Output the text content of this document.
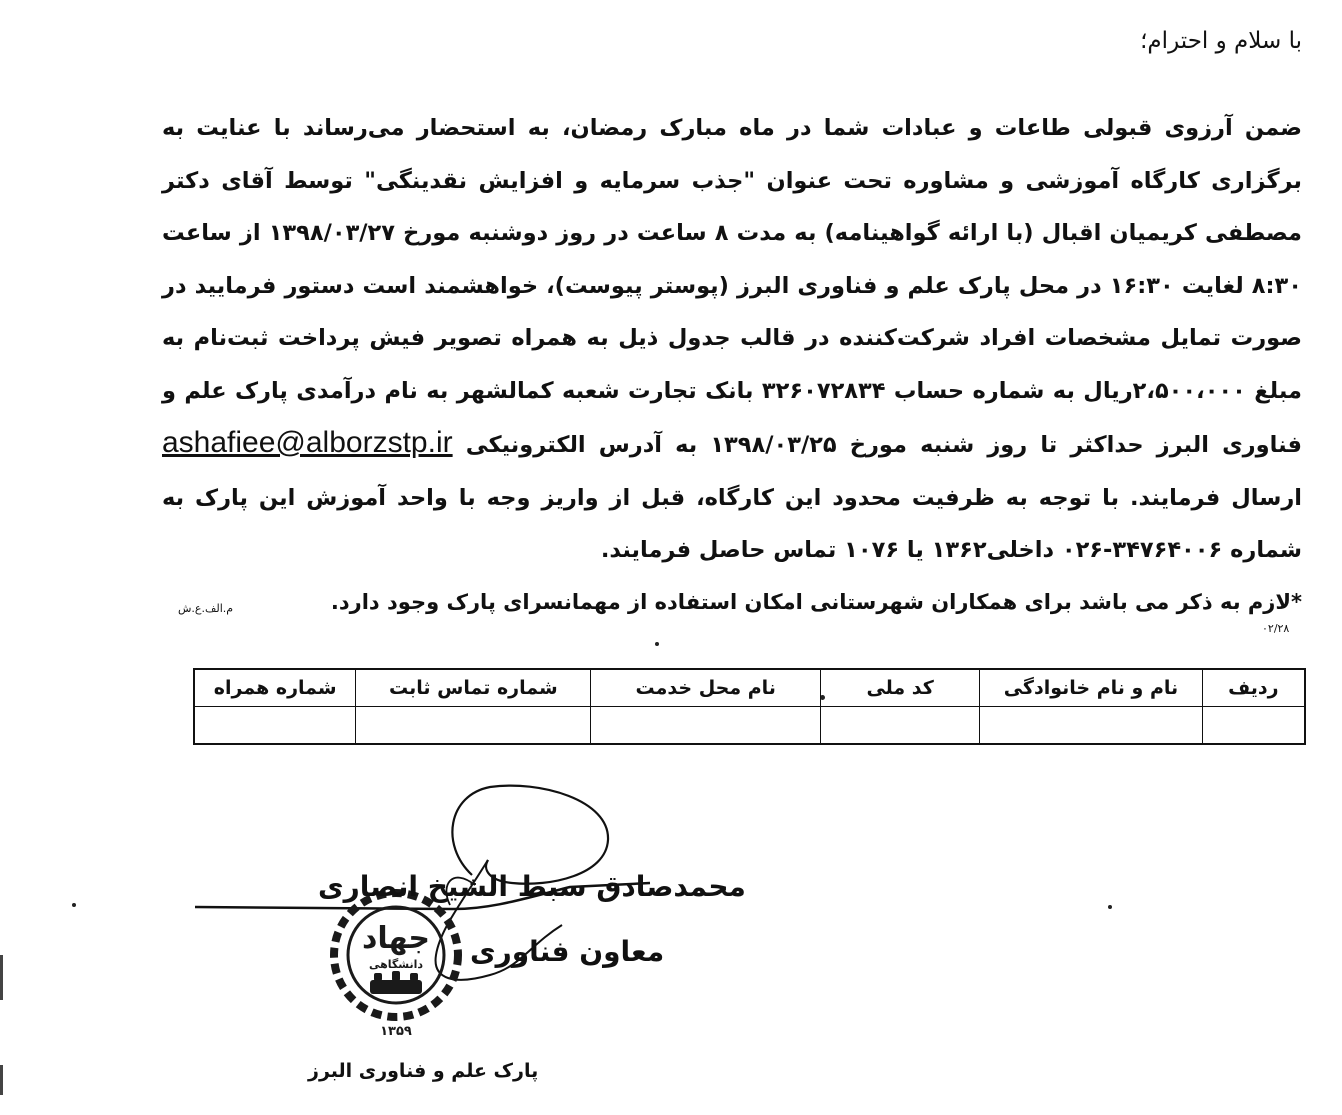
با سلام و احترام؛
ضمن آرزوی قبولی طاعات و عبادات شما در ماه مبارک رمضان، به استحضار می‌رساند با عنایت به برگزاری کارگاه آموزشی و مشاوره تحت عنوان "جذب سرمایه و افزایش نقدینگی" توسط آقای دکتر مصطفی کریمیان اقبال (با ارائه گواهینامه) به مدت ۸ ساعت در روز دوشنبه مورخ ۱۳۹۸/۰۳/۲۷ از ساعت ۸:۳۰ لغایت ۱۶:۳۰ در محل پارک علم و فناوری البرز (پوستر پیوست)، خواهشمند است دستور فرمایید در صورت تمایل مشخصات افراد شرکت‌کننده در قالب جدول ذیل به همراه تصویر فیش پرداخت ثبت‌نام به مبلغ ۲،۵۰۰،۰۰۰ریال به شماره حساب ۳۲۶۰۷۲۸۳۴ بانک تجارت شعبه کمالشهر به نام درآمدی پارک علم و فناوری البرز حداکثر تا روز شنبه مورخ ۱۳۹۸/۰۳/۲۵ به آدرس الکترونیکی ashafiee@alborzstp.ir ارسال فرمایند. با توجه به ظرفیت محدود این کارگاه، قبل از واریز وجه با واحد آموزش این پارک به شماره ۳۴۷۶۴۰۰۶-۰۲۶ داخلی۱۳۶۲ یا ۱۰۷۶ تماس حاصل فرمایند.
*لازم به ذکر می باشد برای همکاران شهرستانی امکان استفاده از مهمانسرای پارک وجود دارد.
م.الف.ع.ش
۰۲/۲۸
ردیف	نام و نام خانوادگی	کد ملی	نام محل خدمت	شماره تماس ثابت	شماره همراه

جهاد
دانشگاهی
۱۳۵۹
محمدصادق سبط الشیخ انصاری
معاون فناوری
پارک علم و فناوری البرز
